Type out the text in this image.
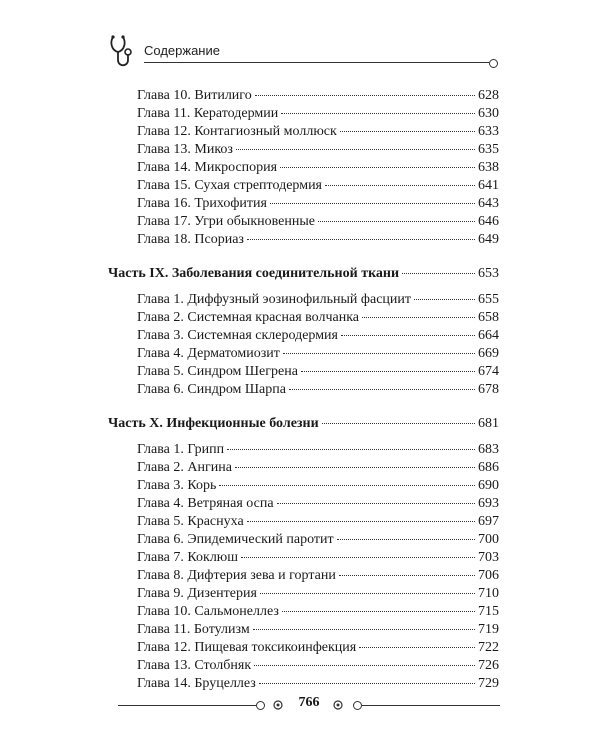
Содержание
Глава 10. Витилиго	628
Глава 11. Кератодермии	630
Глава 12. Контагиозный моллюск	633
Глава 13. Микоз	635
Глава 14. Микроспория	638
Глава 15. Сухая стрептодермия	641
Глава 16. Трихофития	643
Глава 17. Угри обыкновенные	646
Глава 18. Псориаз	649
Часть IX. Заболевания соединительной ткани	653
Глава 1. Диффузный эозинофильный фасциит	655
Глава 2. Системная красная волчанка	658
Глава 3. Системная склеродермия	664
Глава 4. Дерматомиозит	669
Глава 5. Синдром Шегрена	674
Глава 6. Синдром Шарпа	678
Часть X. Инфекционные болезни	681
Глава 1. Грипп	683
Глава 2. Ангина	686
Глава 3. Корь	690
Глава 4. Ветряная оспа	693
Глава 5. Краснуха	697
Глава 6. Эпидемический паротит	700
Глава 7. Коклюш	703
Глава 8. Дифтерия зева и гортани	706
Глава 9. Дизентерия	710
Глава 10. Сальмонеллез	715
Глава 11. Ботулизм	719
Глава 12. Пищевая токсикоинфекция	722
Глава 13. Столбняк	726
Глава 14. Бруцеллез	729
766
